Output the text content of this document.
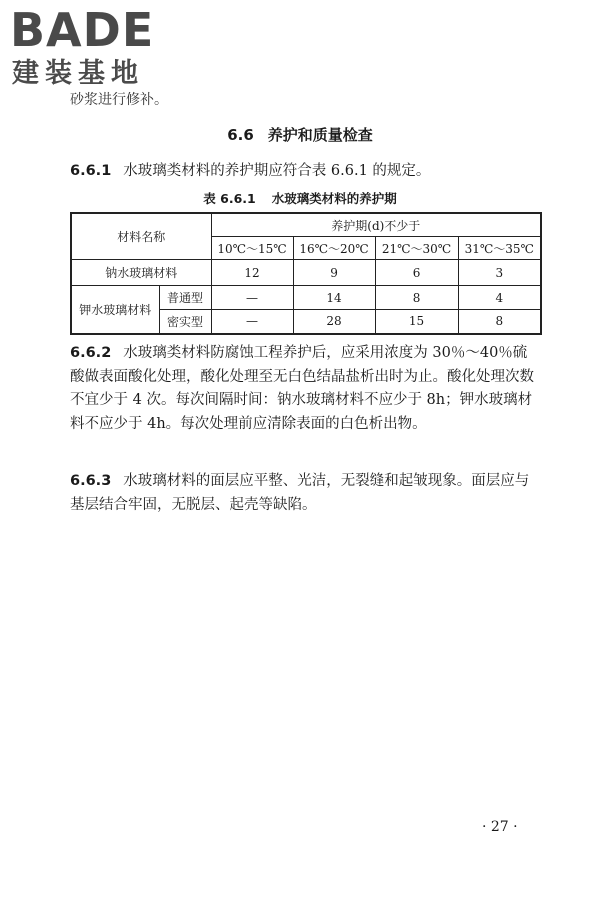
BADE
建装基地
砂浆进行修补。
6.6 养护和质量检查
6.6.1 水玻璃类材料的养护期应符合表 6.6.1 的规定。
表 6.6.1 水玻璃类材料的养护期
材料名称		养护期(d)不少于			
		10℃～15℃	16℃～20℃	21℃～30℃	31℃～35℃
钠水玻璃材料		12	9	6	3
钾水玻璃材料	普通型	—	14	8	4
	密实型	—	28	15	8
6.6.2 水玻璃类材料防腐蚀工程养护后，应采用浓度为 30％～40％硫酸做表面酸化处理，酸化处理至无白色结晶盐析出时为止。酸化处理次数不宜少于 4 次。每次间隔时间：钠水玻璃材料不应少于 8h；钾水玻璃材料不应少于 4h。每次处理前应清除表面的白色析出物。
6.6.3 水玻璃材料的面层应平整、光洁，无裂缝和起皱现象。面层应与基层结合牢固，无脱层、起壳等缺陷。
· 27 ·
